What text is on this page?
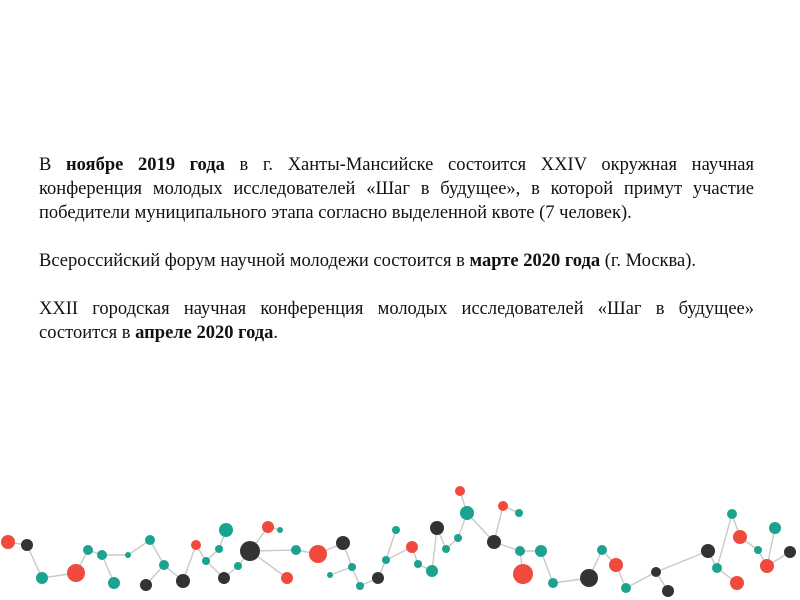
В ноябре 2019 года в г. Ханты-Мансийске состоится XXIV окружная научная конференция молодых исследователей «Шаг в будущее», в которой примут участие победители муниципального этапа согласно выделенной квоте (7 человек).

Всероссийский форум научной молодежи состоится в марте 2020 года (г. Москва).

XXII городская научная конференция молодых исследователей «Шаг в будущее» состоится в апреле 2020 года.
